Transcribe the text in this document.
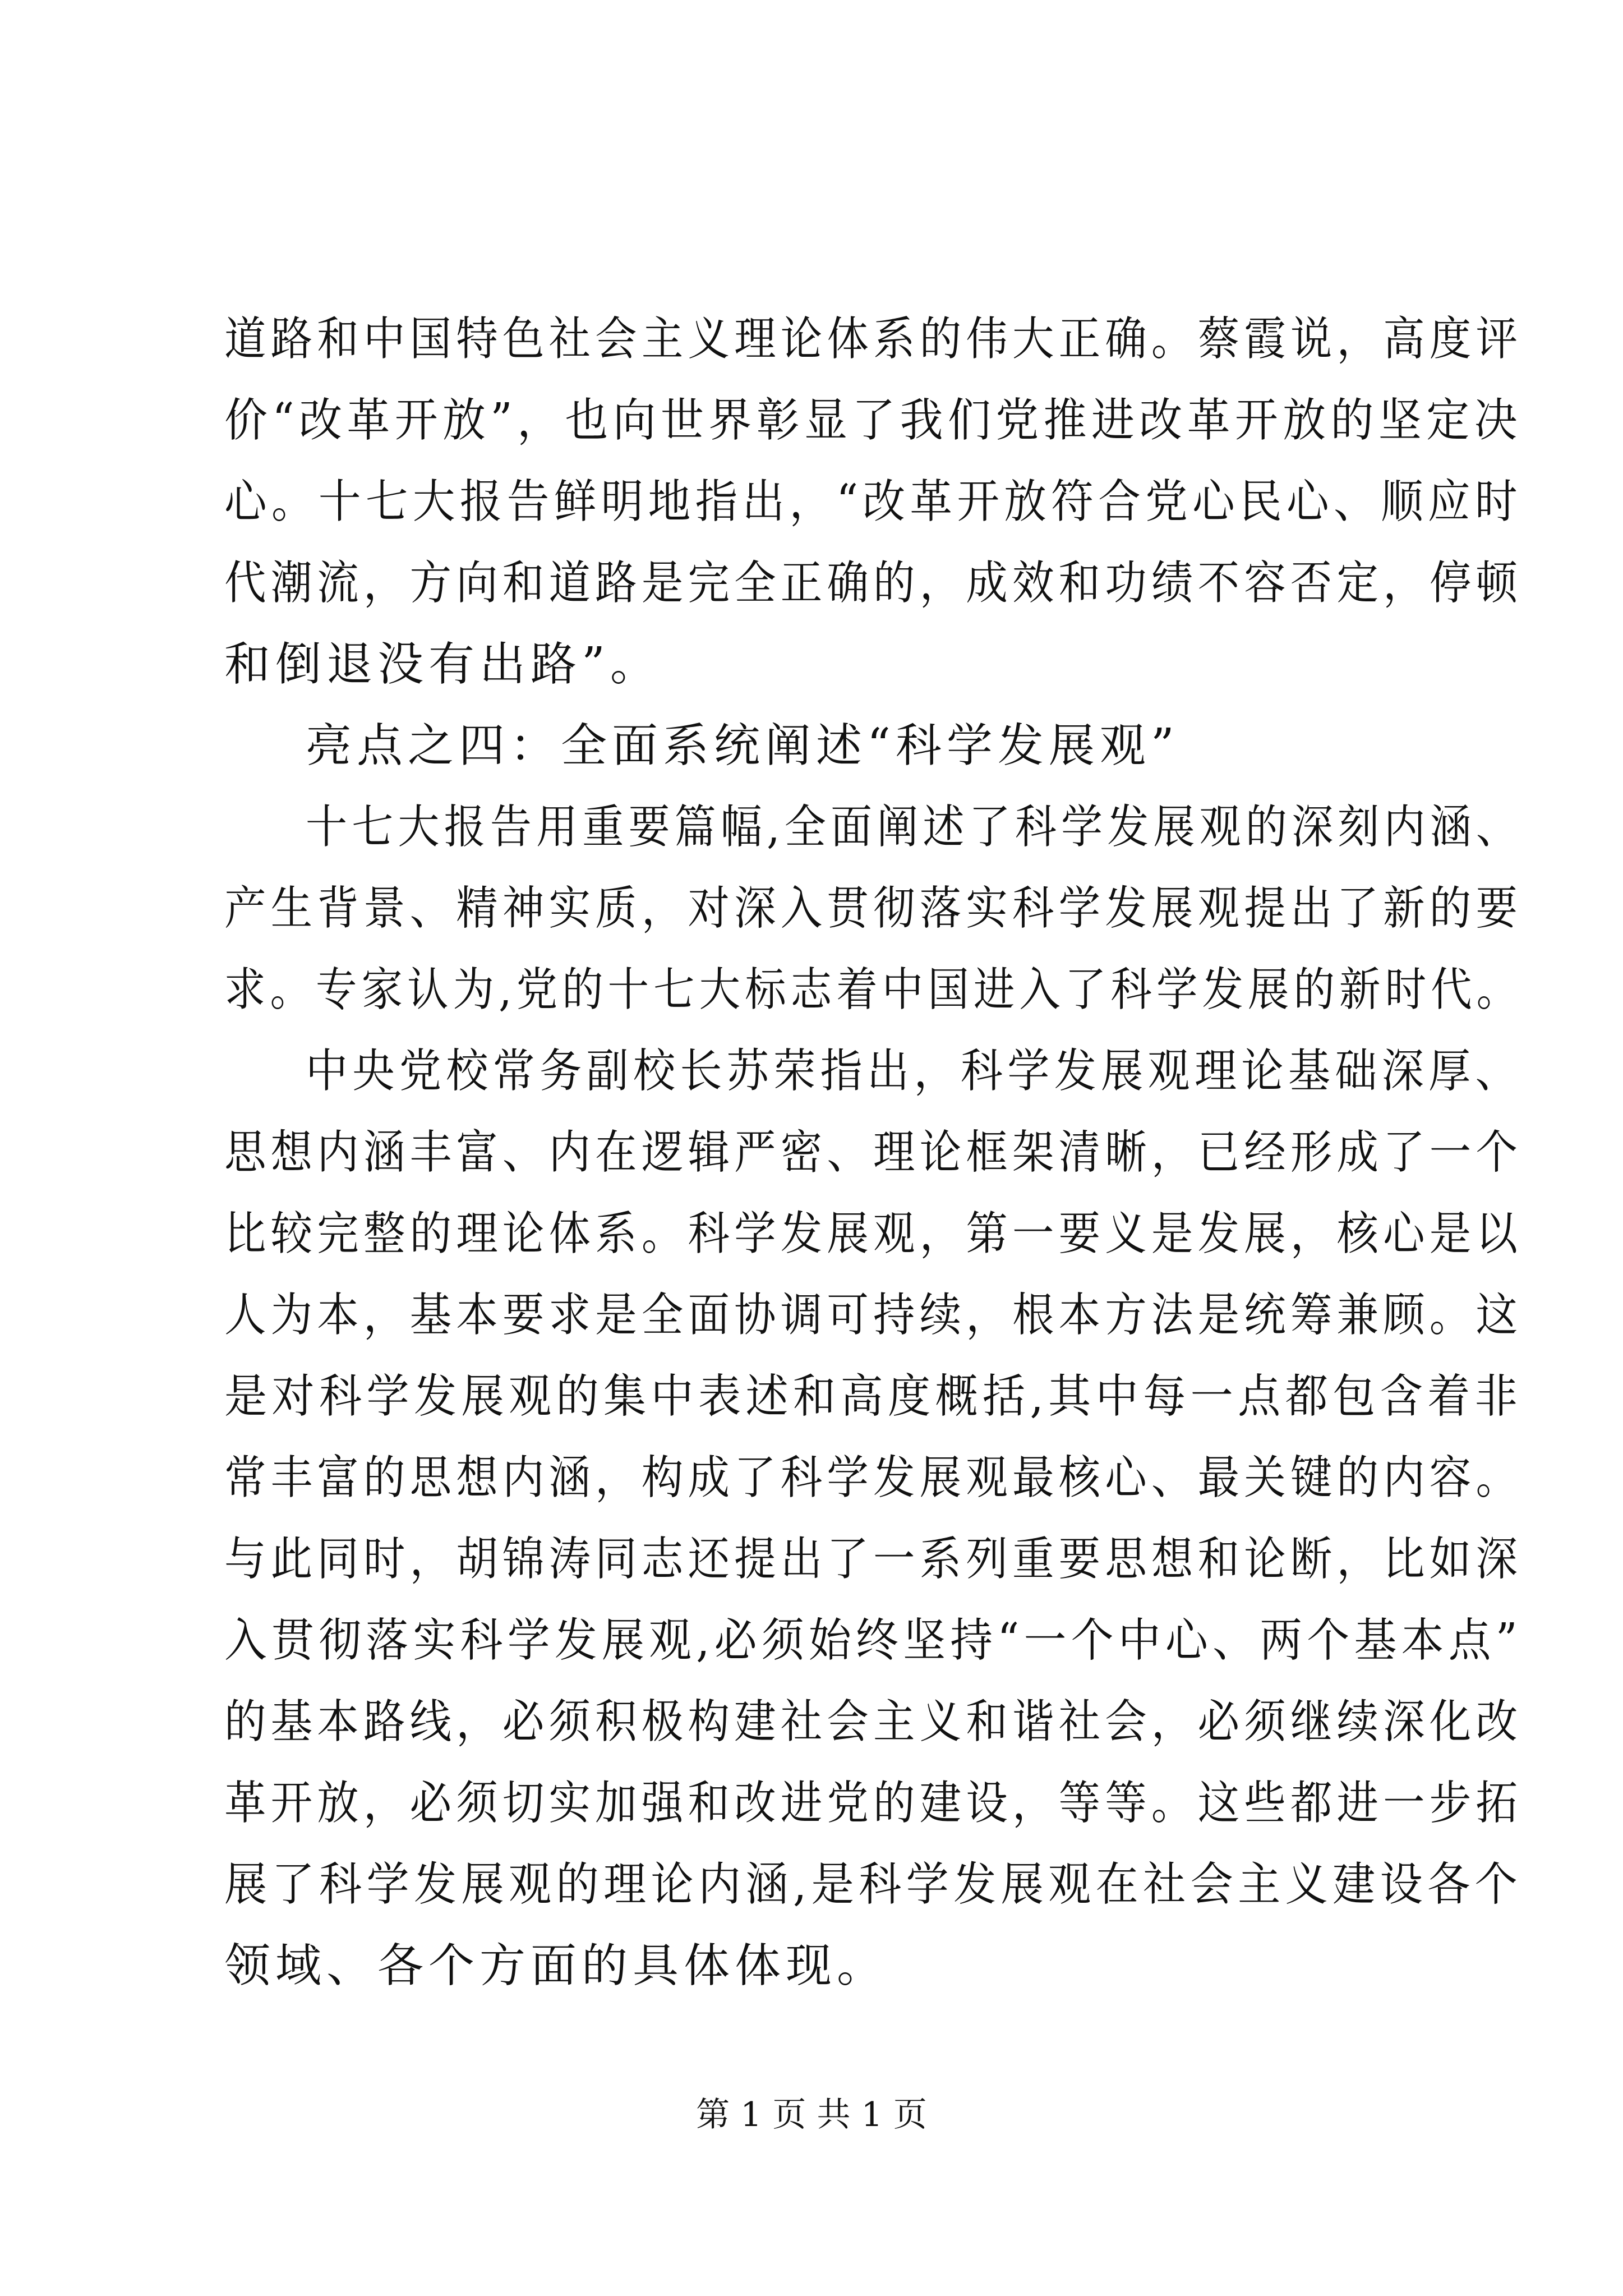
道路和中国特色社会主义理论体系的伟大正确。蔡霞说，高度评
价“改革开放”，也向世界彰显了我们党推进改革开放的坚定决
心。十七大报告鲜明地指出，“改革开放符合党心民心、顺应时
代潮流，方向和道路是完全正确的，成效和功绩不容否定，停顿
和倒退没有出路”。
亮点之四：全面系统阐述“科学发展观”
十七大报告用重要篇幅,全面阐述了科学发展观的深刻内涵、
产生背景、精神实质，对深入贯彻落实科学发展观提出了新的要
求。专家认为,党的十七大标志着中国进入了科学发展的新时代。
中央党校常务副校长苏荣指出，科学发展观理论基础深厚、
思想内涵丰富、内在逻辑严密、理论框架清晰，已经形成了一个
比较完整的理论体系。科学发展观，第一要义是发展，核心是以
人为本，基本要求是全面协调可持续，根本方法是统筹兼顾。这
是对科学发展观的集中表述和高度概括,其中每一点都包含着非
常丰富的思想内涵，构成了科学发展观最核心、最关键的内容。
与此同时，胡锦涛同志还提出了一系列重要思想和论断，比如深
入贯彻落实科学发展观,必须始终坚持“一个中心、两个基本点”
的基本路线，必须积极构建社会主义和谐社会，必须继续深化改
革开放，必须切实加强和改进党的建设，等等。这些都进一步拓
展了科学发展观的理论内涵,是科学发展观在社会主义建设各个
领域、各个方面的具体体现。
第 1 页 共 1 页
